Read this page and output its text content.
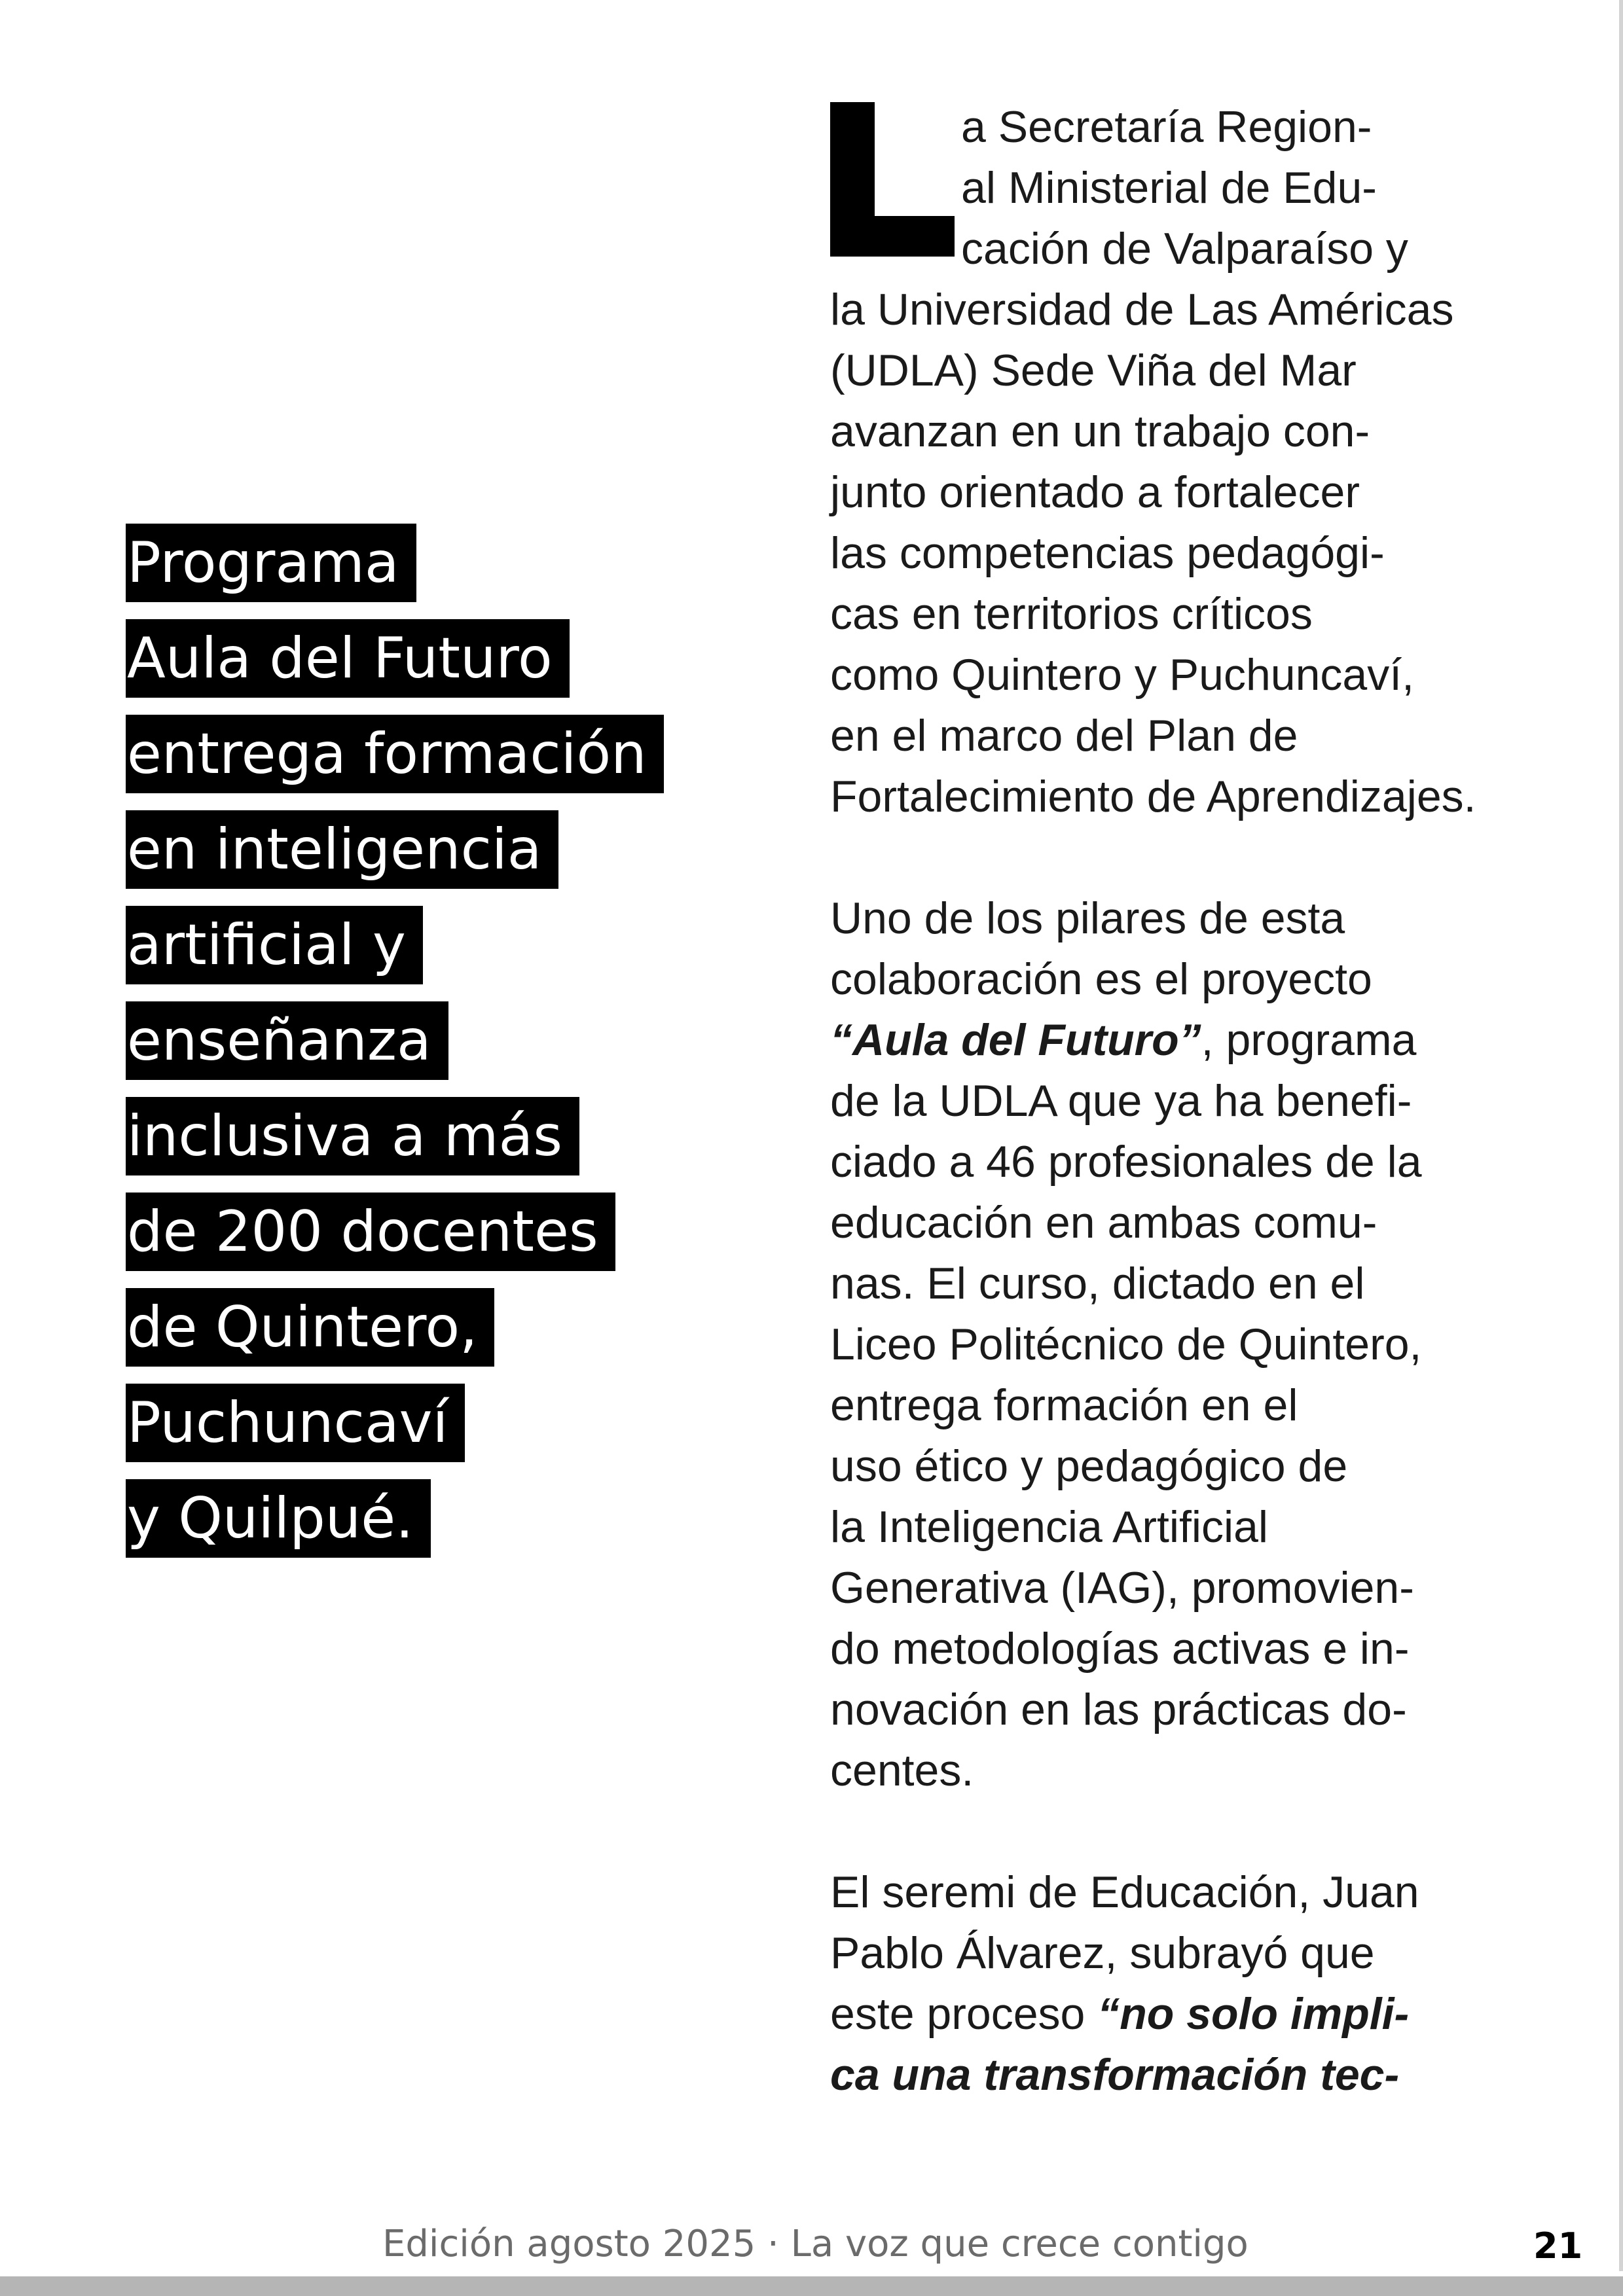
Programa
Aula del Futuro
entrega formación
en inteligencia
artificial y
enseñanza
inclusiva a más
de 200 docentes
de Quintero,
Puchuncaví
y Quilpué.

a Secretaría Region-
al Ministerial de Edu-
cación de Valparaíso y
la Universidad de Las Américas
(UDLA) Sede Viña del Mar
avanzan en un trabajo con-
junto orientado a fortalecer
las competencias pedagógi-
cas en territorios críticos
como Quintero y Puchuncaví,
en el marco del Plan de
Fortalecimiento de Aprendizajes.

Uno de los pilares de esta
colaboración es el proyecto
“Aula del Futuro”, programa
de la UDLA que ya ha benefi-
ciado a 46 profesionales de la
educación en ambas comu-
nas. El curso, dictado en el
Liceo Politécnico de Quintero,
entrega formación en el
uso ético y pedagógico de
la Inteligencia Artificial
Generativa (IAG), promovien-
do metodologías activas e in-
novación en las prácticas do-
centes.

El seremi de Educación, Juan
Pablo Álvarez, subrayó que
este proceso “no solo impli-
ca una transformación tec-

Edición agosto 2025 · La voz que crece contigo	21
